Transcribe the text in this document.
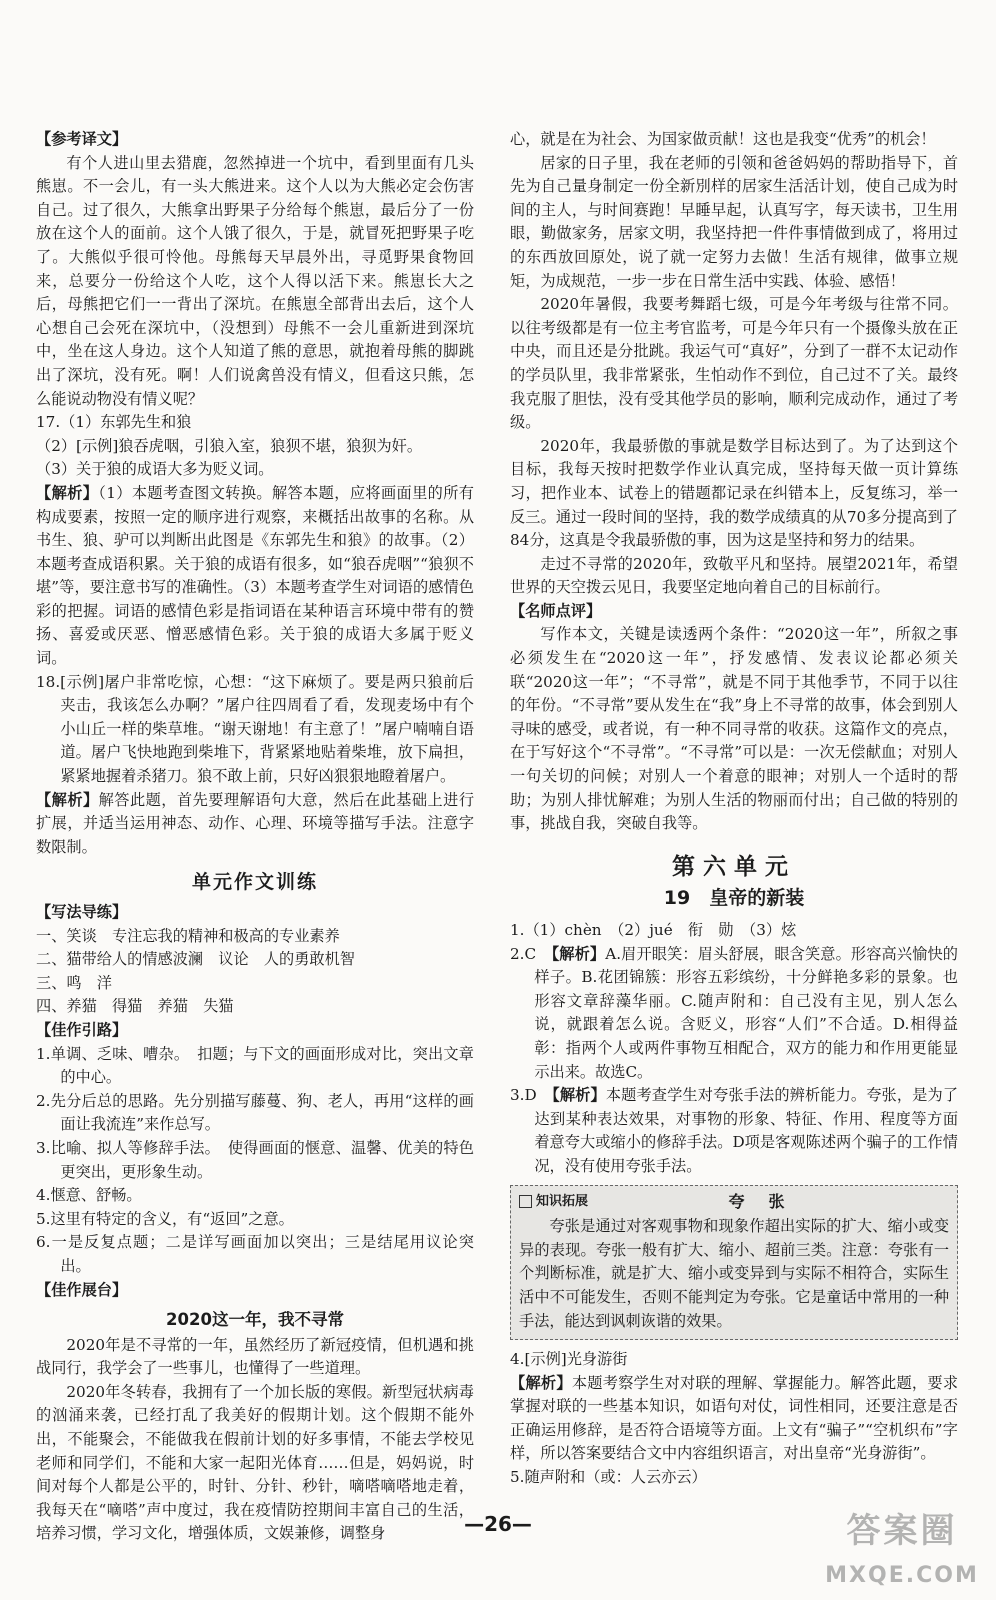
【参考译文】

有个人进山里去猎鹿，忽然掉进一个坑中，看到里面有几头熊崽。不一会儿，有一头大熊进来。这个人以为大熊必定会伤害自己。过了很久，大熊拿出野果子分给每个熊崽，最后分了一份放在这个人的面前。这个人饿了很久，于是，就冒死把野果子吃了。大熊似乎很可怜他。母熊每天早晨外出，寻觅野果食物回来，总要分一份给这个人吃，这个人得以活下来。熊崽长大之后，母熊把它们一一背出了深坑。在熊崽全部背出去后，这个人心想自己会死在深坑中，（没想到）母熊不一会儿重新进到深坑中，坐在这人身边。这个人知道了熊的意思，就抱着母熊的脚跳出了深坑，没有死。啊！人们说禽兽没有情义，但看这只熊，怎么能说动物没有情义呢？

17.（1）东郭先生和狼

（2）[示例]狼吞虎咽，引狼入室，狼狈不堪，狼狈为奸。

（3）关于狼的成语大多为贬义词。

【解析】（1）本题考查图文转换。解答本题，应将画面里的所有构成要素，按照一定的顺序进行观察，来概括出故事的名称。从书生、狼、驴可以判断出此图是《东郭先生和狼》的故事。（2）本题考查成语积累。关于狼的成语有很多，如“狼吞虎咽”“狼狈不堪”等，要注意书写的准确性。（3）本题考查学生对词语的感情色彩的把握。词语的感情色彩是指词语在某种语言环境中带有的赞扬、喜爱或厌恶、憎恶感情色彩。关于狼的成语大多属于贬义词。

18.[示例]屠户非常吃惊，心想：“这下麻烦了。要是两只狼前后夹击，我该怎么办啊？”屠户往四周看了看，发现麦场中有个小山丘一样的柴草堆。“谢天谢地！有主意了！”屠户喃喃自语道。屠户飞快地跑到柴堆下，背紧紧地贴着柴堆，放下扁担，紧紧地握着杀猪刀。狼不敢上前，只好凶狠狠地瞪着屠户。

【解析】解答此题，首先要理解语句大意，然后在此基础上进行扩展，并适当运用神态、动作、心理、环境等描写手法。注意字数限制。

单元作文训练

【写法导练】

一、笑谈　专注忘我的精神和极高的专业素养

二、猫带给人的情感波澜　议论　人的勇敢机智

三、鸣　洋

四、养猫　得猫　养猫　失猫

【佳作引路】

1.单调、乏味、嘈杂。　扣题；与下文的画面形成对比，突出文章的中心。

2.先分后总的思路。先分别描写藤蔓、狗、老人，再用“这样的画面让我流连”来作总写。

3.比喻、拟人等修辞手法。　使得画面的惬意、温馨、优美的特色更突出，更形象生动。

4.惬意、舒畅。

5.这里有特定的含义，有“返回”之意。

6.一是反复点题；二是详写画面加以突出；三是结尾用议论突出。

【佳作展台】

2020这一年，我不寻常

2020年是不寻常的一年，虽然经历了新冠疫情，但机遇和挑战同行，我学会了一些事儿，也懂得了一些道理。

2020年冬转春，我拥有了一个加长版的寒假。新型冠状病毒的汹涌来袭，已经打乱了我美好的假期计划。这个假期不能外出，不能聚会，不能做我在假前计划的好多事情，不能去学校见老师和同学们，不能和大家一起阳光体育……但是，妈妈说，时间对每个人都是公平的，时针、分针、秒针，嘀嗒嘀嗒地走着，我每天在“嘀嗒”声中度过，我在疫情防控期间丰富自己的生活，培养习惯，学习文化，增强体质，文娱兼修，调整身

心，就是在为社会、为国家做贡献！这也是我变“优秀”的机会！

居家的日子里，我在老师的引领和爸爸妈妈的帮助指导下，首先为自己量身制定一份全新別样的居家生活活计划，使自己成为时间的主人，与时间赛跑！早睡早起，认真写字，每天读书，卫生用眼，勤做家务，居家文明，我坚持把一件件事情做到成了，将用过的东西放回原处，说了就一定努力去做！生活有规律，做事立规矩，为成规范，一步一步在日常生活中实践、体验、感悟！

2020年暑假，我要考舞蹈七级，可是今年考级与往常不同。以往考级都是有一位主考官监考，可是今年只有一个摄像头放在正中央，而且还是分批跳。我运气可“真好”，分到了一群不太记动作的学员队里，我非常紧张，生怕动作不到位，自己过不了关。最终我克服了胆怯，没有受其他学员的影响，顺利完成动作，通过了考级。

2020年，我最骄傲的事就是数学目标达到了。为了达到这个目标，我每天按时把数学作业认真完成，坚持每天做一页计算练习，把作业本、试卷上的错题都记录在纠错本上，反复练习，举一反三。通过一段时间的坚持，我的数学成绩真的从70多分提高到了84分，这真是令我最骄傲的事，因为这是坚持和努力的结果。

走过不寻常的2020年，致敬平凡和坚持。展望2021年，希望世界的天空拨云见日，我要坚定地向着自己的目标前行。

【名师点评】

写作本文，关键是读透两个条件：“2020这一年”，所叙之事必须发生在“2020这一年”，抒发感情、发表议论都必须关联“2020这一年”；“不寻常”，就是不同于其他季节，不同于以往的年份。“不寻常”要从发生在“我”身上不寻常的故事，体会到别人寻味的感受，或者说，有一种不同寻常的收获。这篇作文的亮点，在于写好这个“不寻常”。“不寻常”可以是：一次无偿献血；对别人一句关切的问候；对别人一个着意的眼神；对别人一个适时的帮助；为别人排忧解难；为别人生活的物丽而付出；自己做的特别的事，挑战自我，突破自我等。

第六单元
19　皇帝的新装

1.（1）chèn　（2）jué　衔　勋　（3）炫

2.C　【解析】A.眉开眼笑：眉头舒展，眼含笑意。形容高兴愉快的样子。B.花团锦簇：形容五彩缤纷，十分鲜艳多彩的景象。也形容文章辞藻华丽。C.随声附和：自己没有主见，别人怎么说，就跟着怎么说。含贬义，形容“人们”不合适。D.相得益彰：指两个人或两件事物互相配合，双方的能力和作用更能显示出来。故选C。

3.D　【解析】本题考查学生对夸张手法的辨析能力。夸张，是为了达到某种表达效果，对事物的形象、特征、作用、程度等方面着意夸大或缩小的修辞手法。D项是客观陈述两个骗子的工作情况，没有使用夸张手法。

知识拓展	夸张

夸张是通过对客观事物和现象作超出实际的扩大、缩小或变异的表现。夸张一般有扩大、缩小、超前三类。注意：夸张有一个判断标准，就是扩大、缩小或变异到与实际不相符合，实际生活中不可能发生，否则不能判定为夸张。它是童话中常用的一种手法，能达到讽刺诙谐的效果。

4.[示例]光身游街

【解析】本题考察学生对对联的理解、掌握能力。解答此题，要求掌握对联的一些基本知识，如语句对仗，词性相同，还要注意是否正确运用修辞，是否符合语境等方面。上文有“骗子”“空机织布”字样，所以答案要结合文中内容组织语言，对出皇帝“光身游街”。

5.随声附和（或：人云亦云）

—26—	答案圈
MXQE.COM
